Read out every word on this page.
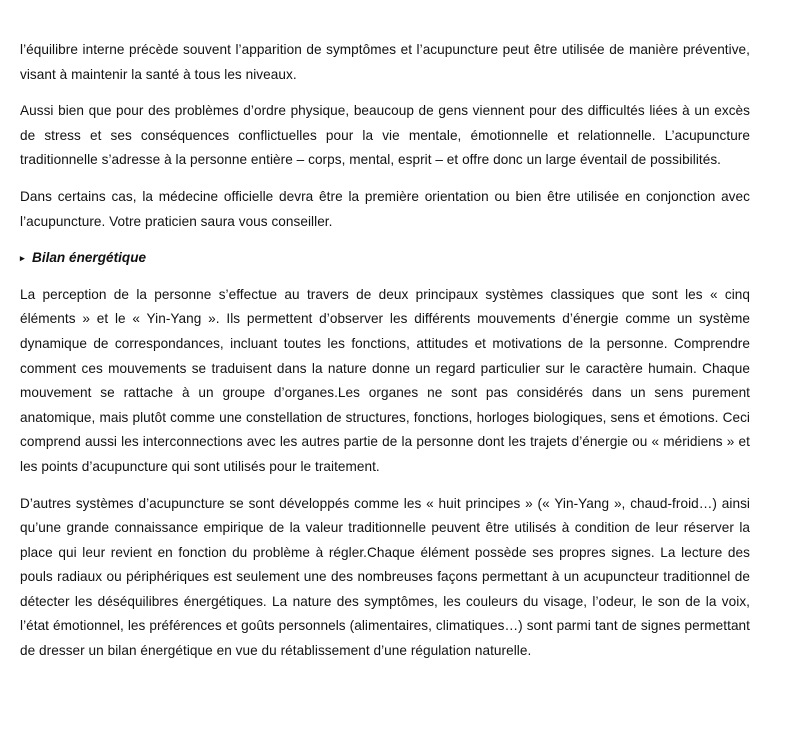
l’équilibre interne précède souvent l’apparition de symptômes et l’acupuncture peut être utilisée de manière préventive, visant à maintenir la santé à tous les niveaux.

Aussi bien que pour des problèmes d’ordre physique, beaucoup de gens viennent pour des difficultés liées à un excès de stress et ses conséquences conflictuelles pour la vie mentale, émotionnelle et relationnelle. L’acupuncture traditionnelle s’adresse à la personne entière – corps, mental, esprit – et offre donc un large éventail de possibilités.

Dans certains cas, la médecine officielle devra être la première orientation ou bien être utilisée en conjonction avec l’acupuncture. Votre praticien saura vous conseiller.

▸ Bilan énergétique

La perception de la personne s’effectue au travers de deux principaux systèmes classiques que sont les « cinq éléments » et le « Yin-Yang ». Ils permettent d’observer les différents mouvements d’énergie comme un système dynamique de correspondances, incluant toutes les fonctions, attitudes et motivations de la personne. Comprendre comment ces mouvements se traduisent dans la nature donne un regard particulier sur le caractère humain. Chaque mouvement se rattache à un groupe d’organes.Les organes ne sont pas considérés dans un sens purement anatomique, mais plutôt comme une constellation de structures, fonctions, horloges biologiques, sens et émotions. Ceci comprend aussi les interconnections avec les autres partie de la personne dont les trajets d’énergie ou « méridiens » et les points d’acupuncture qui sont utilisés pour le traitement.

D’autres systèmes d’acupuncture se sont développés comme les « huit principes » (« Yin-Yang », chaud-froid…) ainsi qu’une grande connaissance empirique de la valeur traditionnelle peuvent être utilisés à condition de leur réserver la place qui leur revient en fonction du problème à régler.Chaque élément possède ses propres signes. La lecture des pouls radiaux ou périphériques est seulement une des nombreuses façons permettant à un acupuncteur traditionnel de détecter les déséquilibres énergétiques. La nature des symptômes, les couleurs du visage, l’odeur, le son de la voix, l’état émotionnel, les préférences et goûts personnels (alimentaires, climatiques…) sont parmi tant de signes permettant de dresser un bilan énergétique en vue du rétablissement d’une régulation naturelle.
